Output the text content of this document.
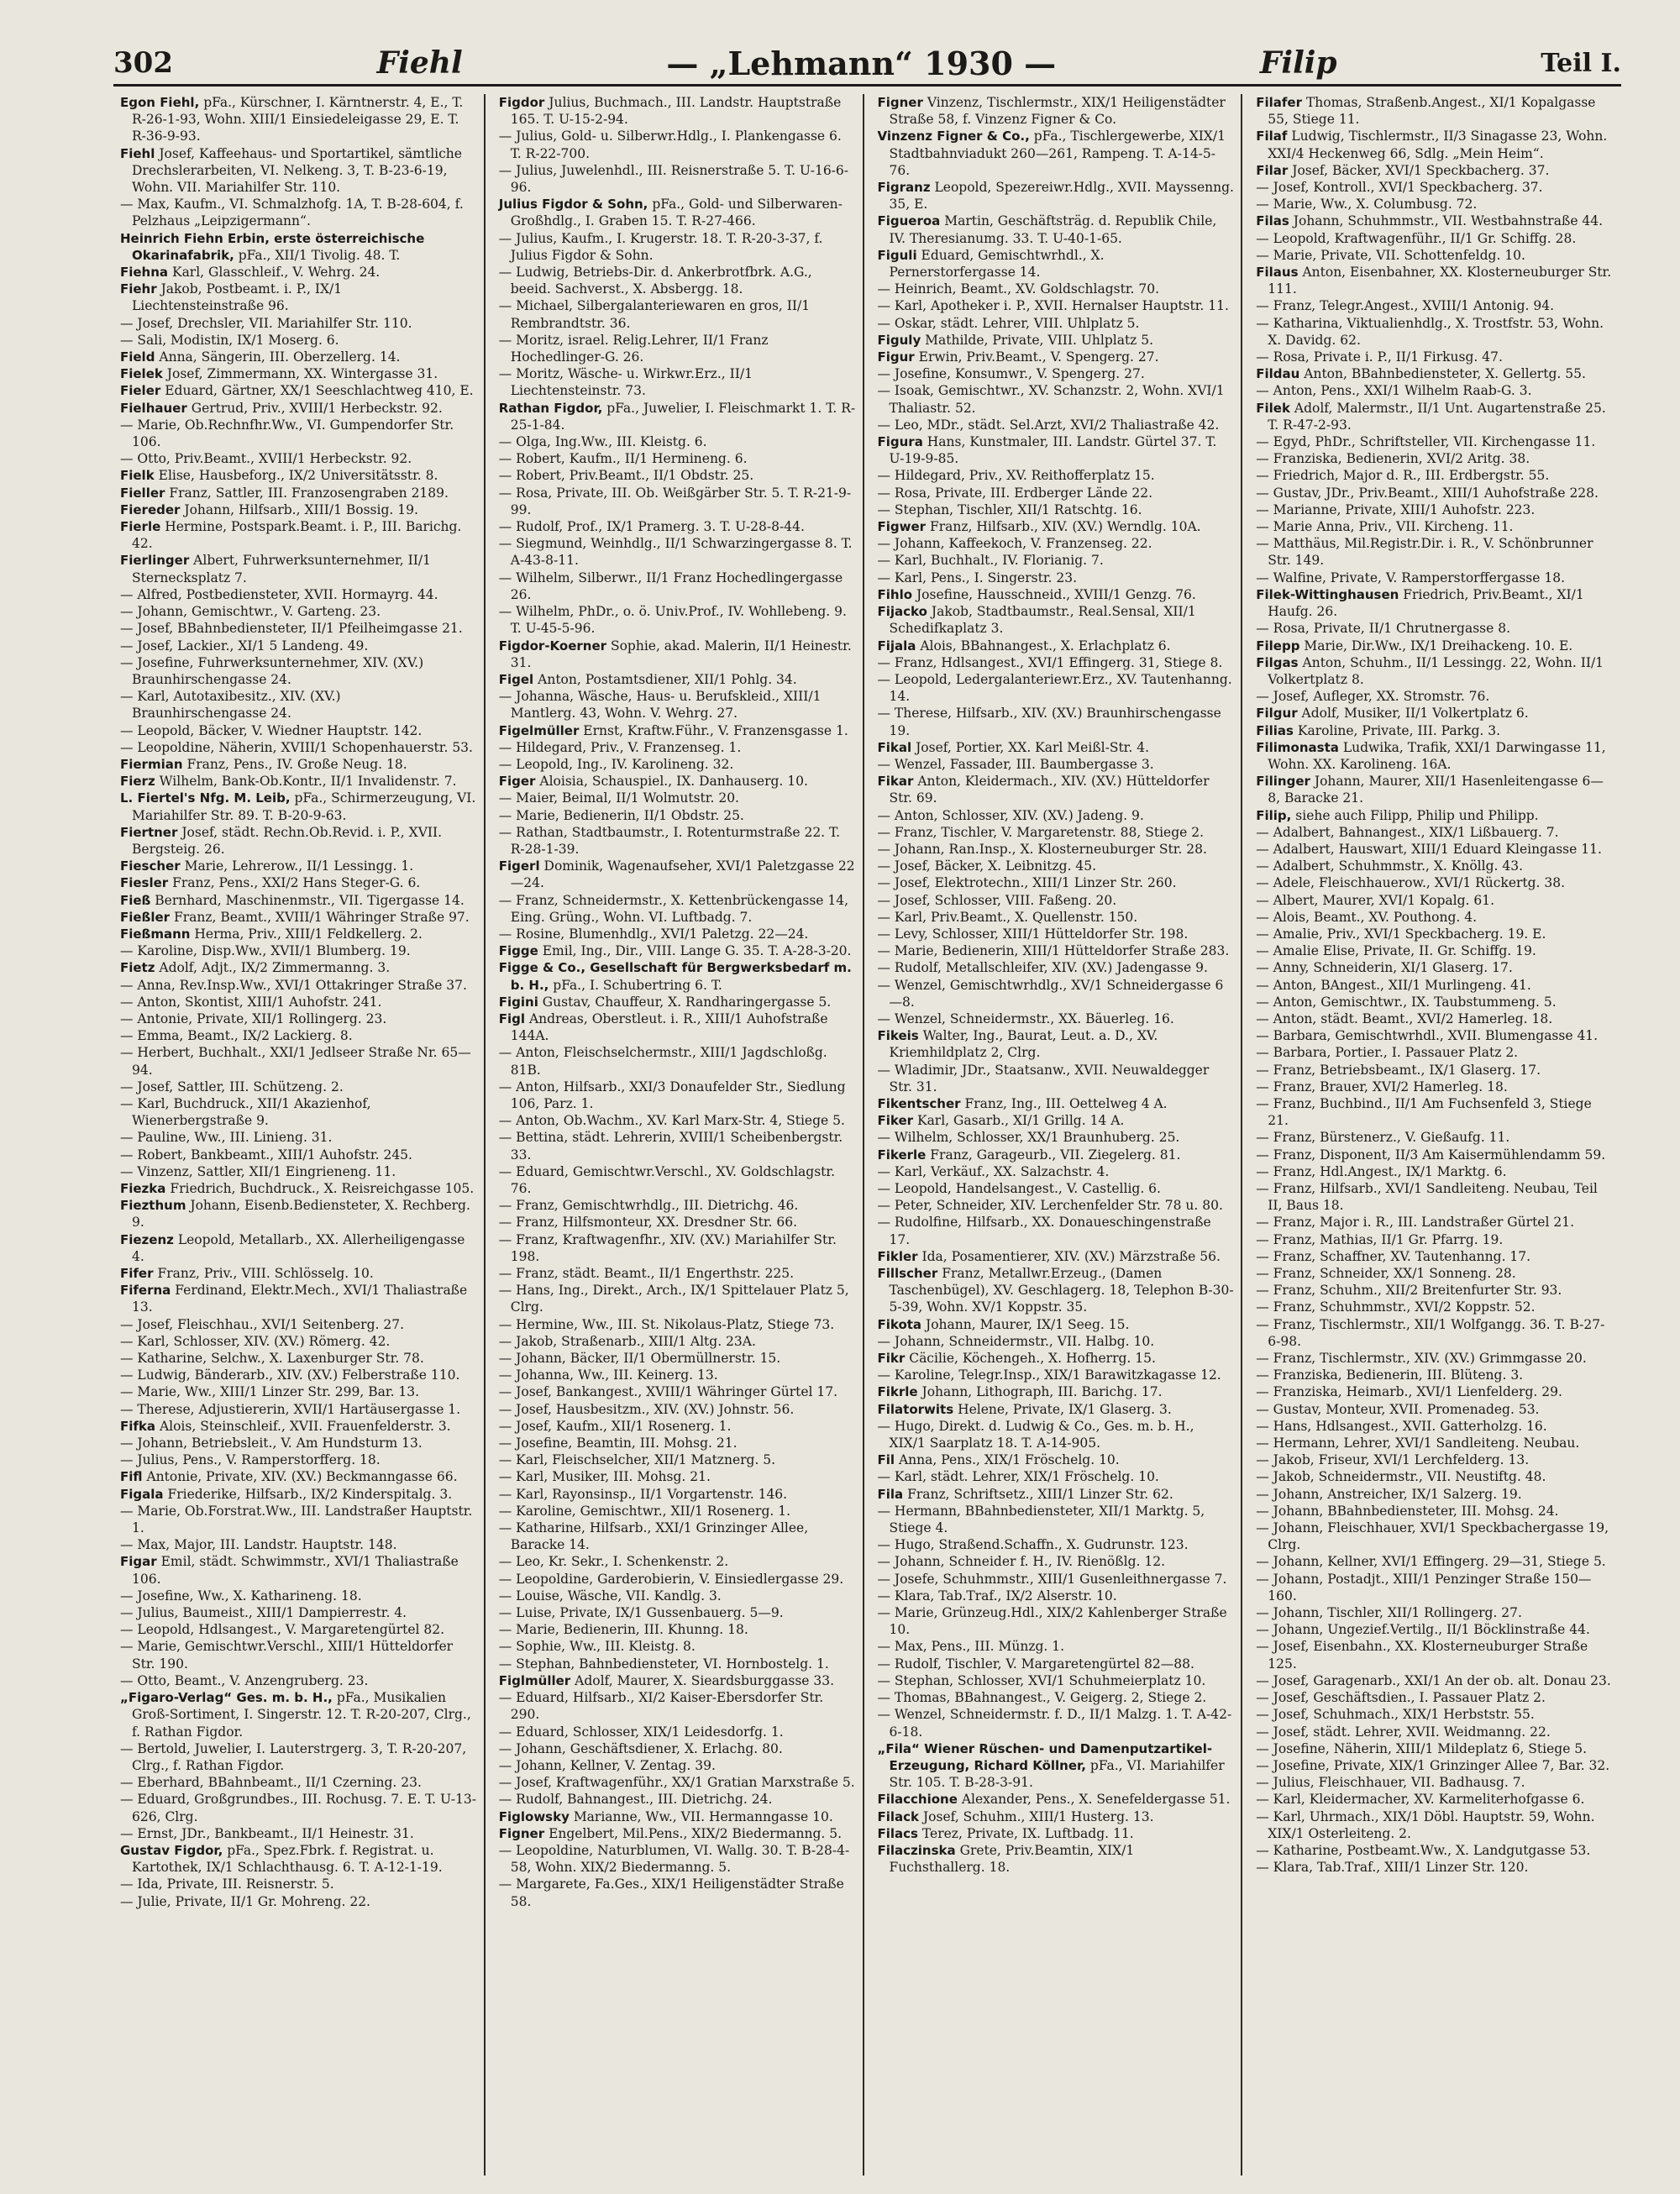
302	Fiehl	— „Lehmann“ 1930 —	Filip	Teil I.

Egon Fiehl, pFa., Kürschner, I. Kärntnerstr. 4, E., T. R-26-1-93, Wohn. XIII/1 Einsiedeleigasse 29, E. T. R-36-9-93.

Fiehl Josef, Kaffeehaus- und Sportartikel, sämtliche Drechslerarbeiten, VI. Nelkeng. 3, T. B-23-6-19, Wohn. VII. Mariahilfer Str. 110.

— Max, Kaufm., VI. Schmalzhofg. 1A, T. B-28-604, f. Pelzhaus „Leipzigermann“.

Heinrich Fiehn Erbin, erste österreichische Okarinafabrik, pFa., XII/1 Tivolig. 48. T.

Fiehna Karl, Glasschleif., V. Wehrg. 24.

Fiehr Jakob, Postbeamt. i. P., IX/1 Liechtensteinstraße 96.

— Josef, Drechsler, VII. Mariahilfer Str. 110.

— Sali, Modistin, IX/1 Moserg. 6.

Field Anna, Sängerin, III. Oberzellerg. 14.

Fielek Josef, Zimmermann, XX. Wintergasse 31.

Fieler Eduard, Gärtner, XX/1 Seeschlachtweg 410, E.

Fielhauer Gertrud, Priv., XVIII/1 Herbeckstr. 92.

— Marie, Ob.Rechnfhr.Ww., VI. Gumpendorfer Str. 106.

— Otto, Priv.Beamt., XVIII/1 Herbeckstr. 92.

Fielk Elise, Hausbeforg., IX/2 Universitätsstr. 8.

Fieller Franz, Sattler, III. Franzosengraben 2189.

Fiereder Johann, Hilfsarb., XIII/1 Bossig. 19.

Fierle Hermine, Postspark.Beamt. i. P., III. Barichg. 42.

Fierlinger Albert, Fuhrwerksunternehmer, II/1 Sternecksplatz 7.

— Alfred, Postbediensteter, XVII. Hormayrg. 44.

— Johann, Gemischtwr., V. Garteng. 23.

— Josef, BBahnbediensteter, II/1 Pfeilheimgasse 21.

— Josef, Lackier., XI/1 5 Landeng. 49.

— Josefine, Fuhrwerksunternehmer, XIV. (XV.) Braunhirschengasse 24.

— Karl, Autotaxibesitz., XIV. (XV.) Braunhirschengasse 24.

— Leopold, Bäcker, V. Wiedner Hauptstr. 142.

— Leopoldine, Näherin, XVIII/1 Schopenhauerstr. 53.

Fiermian Franz, Pens., IV. Große Neug. 18.

Fierz Wilhelm, Bank-Ob.Kontr., II/1 Invalidenstr. 7.

L. Fiertel's Nfg. M. Leib, pFa., Schirmerzeugung, VI. Mariahilfer Str. 89. T. B-20-9-63.

Fiertner Josef, städt. Rechn.Ob.Revid. i. P., XVII. Bergsteig. 26.

Fiescher Marie, Lehrerow., II/1 Lessingg. 1.

Fiesler Franz, Pens., XXI/2 Hans Steger-G. 6.

Fieß Bernhard, Maschinenmstr., VII. Tigergasse 14.

Fießler Franz, Beamt., XVIII/1 Währinger Straße 97.

Fießmann Herma, Priv., XIII/1 Feldkellerg. 2.

— Karoline, Disp.Ww., XVII/1 Blumberg. 19.

Fietz Adolf, Adjt., IX/2 Zimmermanng. 3.

— Anna, Rev.Insp.Ww., XVI/1 Ottakringer Straße 37.

— Anton, Skontist, XIII/1 Auhofstr. 241.

— Antonie, Private, XII/1 Rollingerg. 23.

— Emma, Beamt., IX/2 Lackierg. 8.

— Herbert, Buchhalt., XXI/1 Jedlseer Straße Nr. 65—94.

— Josef, Sattler, III. Schützeng. 2.

— Karl, Buchdruck., XII/1 Akazienhof, Wienerbergstraße 9.

— Pauline, Ww., III. Linieng. 31.

— Robert, Bankbeamt., XIII/1 Auhofstr. 245.

— Vinzenz, Sattler, XII/1 Eingrieneng. 11.

Fiezka Friedrich, Buchdruck., X. Reisreichgasse 105.

Fiezthum Johann, Eisenb.Bediensteter, X. Rechberg. 9.

Fiezenz Leopold, Metallarb., XX. Allerheiligengasse 4.

Fifer Franz, Priv., VIII. Schlösselg. 10.

Fiferna Ferdinand, Elektr.Mech., XVI/1 Thaliastraße 13.

— Josef, Fleischhau., XVI/1 Seitenberg. 27.

— Karl, Schlosser, XIV. (XV.) Römerg. 42.

— Katharine, Selchw., X. Laxenburger Str. 78.

— Ludwig, Bänderarb., XIV. (XV.) Felberstraße 110.

— Marie, Ww., XIII/1 Linzer Str. 299, Bar. 13.

— Therese, Adjustiererin, XVII/1 Hartäusergasse 1.

Fifka Alois, Steinschleif., XVII. Frauenfelderstr. 3.

— Johann, Betriebsleit., V. Am Hundsturm 13.

— Julius, Pens., V. Ramperstorfferg. 18.

Fifl Antonie, Private, XIV. (XV.) Beckmanngasse 66.

Figala Friederike, Hilfsarb., IX/2 Kinderspitalg. 3.

— Marie, Ob.Forstrat.Ww., III. Landstraßer Hauptstr. 1.

— Max, Major, III. Landstr. Hauptstr. 148.

Figar Emil, städt. Schwimmstr., XVI/1 Thaliastraße 106.

— Josefine, Ww., X. Katharineng. 18.

— Julius, Baumeist., XIII/1 Dampierrestr. 4.

— Leopold, Hdlsangest., V. Margaretengürtel 82.

— Marie, Gemischtwr.Verschl., XIII/1 Hütteldorfer Str. 190.

— Otto, Beamt., V. Anzengruberg. 23.

„Figaro-Verlag“ Ges. m. b. H., pFa., Musikalien Groß-Sortiment, I. Singerstr. 12. T. R-20-207, Clrg., f. Rathan Figdor.

— Bertold, Juwelier, I. Lauterstrgerg. 3, T. R-20-207, Clrg., f. Rathan Figdor.

— Eberhard, BBahnbeamt., II/1 Czerning. 23.

— Eduard, Großgrundbes., III. Rochusg. 7. E. T. U-13-626, Clrg.

— Ernst, JDr., Bankbeamt., II/1 Heinestr. 31.

Gustav Figdor, pFa., Spez.Fbrk. f. Registrat. u. Kartothek, IX/1 Schlachthausg. 6. T. A-12-1-19.

— Ida, Private, III. Reisnerstr. 5.

— Julie, Private, II/1 Gr. Mohreng. 22.

Figdor Julius, Buchmach., III. Landstr. Hauptstraße 165. T. U-15-2-94.

— Julius, Gold- u. Silberwr.Hdlg., I. Plankengasse 6. T. R-22-700.

— Julius, Juwelenhdl., III. Reisnerstraße 5. T. U-16-6-96.

Julius Figdor & Sohn, pFa., Gold- und Silberwaren-Großhdlg., I. Graben 15. T. R-27-466.

— Julius, Kaufm., I. Krugerstr. 18. T. R-20-3-37, f. Julius Figdor & Sohn.

— Ludwig, Betriebs-Dir. d. Ankerbrotfbrk. A.G., beeid. Sachverst., X. Absbergg. 18.

— Michael, Silbergalanteriewaren en gros, II/1 Rembrandtstr. 36.

— Moritz, israel. Relig.Lehrer, II/1 Franz Hochedlinger-G. 26.

— Moritz, Wäsche- u. Wirkwr.Erz., II/1 Liechtensteinstr. 73.

Rathan Figdor, pFa., Juwelier, I. Fleischmarkt 1. T. R-25-1-84.

— Olga, Ing.Ww., III. Kleistg. 6.

— Robert, Kaufm., II/1 Hermineng. 6.

— Robert, Priv.Beamt., II/1 Obdstr. 25.

— Rosa, Private, III. Ob. Weißgärber Str. 5. T. R-21-9-99.

— Rudolf, Prof., IX/1 Pramerg. 3. T. U-28-8-44.

— Siegmund, Weinhdlg., II/1 Schwarzingergasse 8. T. A-43-8-11.

— Wilhelm, Silberwr., II/1 Franz Hochedlingergasse 26.

— Wilhelm, PhDr., o. ö. Univ.Prof., IV. Wohllebeng. 9. T. U-45-5-96.

Figdor-Koerner Sophie, akad. Malerin, II/1 Heinestr. 31.

Figel Anton, Postamtsdiener, XII/1 Pohlg. 34.

— Johanna, Wäsche, Haus- u. Berufskleid., XIII/1 Mantlerg. 43, Wohn. V. Wehrg. 27.

Figelmüller Ernst, Kraftw.Führ., V. Franzensgasse 1.

— Hildegard, Priv., V. Franzenseg. 1.

— Leopold, Ing., IV. Karolineng. 32.

Figer Aloisia, Schauspiel., IX. Danhauserg. 10.

— Maier, Beimal, II/1 Wolmutstr. 20.

— Marie, Bedienerin, II/1 Obdstr. 25.

— Rathan, Stadtbaumstr., I. Rotenturmstraße 22. T. R-28-1-39.

Figerl Dominik, Wagenaufseher, XVI/1 Paletzgasse 22—24.

— Franz, Schneidermstr., X. Kettenbrückengasse 14, Eing. Grüng., Wohn. VI. Luftbadg. 7.

— Rosine, Blumenhdlg., XVI/1 Paletzg. 22—24.

Figge Emil, Ing., Dir., VIII. Lange G. 35. T. A-28-3-20.

Figge & Co., Gesellschaft für Bergwerksbedarf m. b. H., pFa., I. Schubertring 6. T.

Figini Gustav, Chauffeur, X. Randharingergasse 5.

Figl Andreas, Oberstleut. i. R., XIII/1 Auhofstraße 144A.

— Anton, Fleischselchermstr., XIII/1 Jagdschloßg. 81B.

— Anton, Hilfsarb., XXI/3 Donaufelder Str., Siedlung 106, Parz. 1.

— Anton, Ob.Wachm., XV. Karl Marx-Str. 4, Stiege 5.

— Bettina, städt. Lehrerin, XVIII/1 Scheibenbergstr. 33.

— Eduard, Gemischtwr.Verschl., XV. Goldschlagstr. 76.

— Franz, Gemischtwrhdlg., III. Dietrichg. 46.

— Franz, Hilfsmonteur, XX. Dresdner Str. 66.

— Franz, Kraftwagenfhr., XIV. (XV.) Mariahilfer Str. 198.

— Franz, städt. Beamt., II/1 Engerthstr. 225.

— Hans, Ing., Direkt., Arch., IX/1 Spittelauer Platz 5, Clrg.

— Hermine, Ww., III. St. Nikolaus-Platz, Stiege 73.

— Jakob, Straßenarb., XIII/1 Altg. 23A.

— Johann, Bäcker, II/1 Obermüllnerstr. 15.

— Johanna, Ww., III. Keinerg. 13.

— Josef, Bankangest., XVIII/1 Währinger Gürtel 17.

— Josef, Hausbesitzm., XIV. (XV.) Johnstr. 56.

— Josef, Kaufm., XII/1 Rosenerg. 1.

— Josefine, Beamtin, III. Mohsg. 21.

— Karl, Fleischselcher, XII/1 Matznerg. 5.

— Karl, Musiker, III. Mohsg. 21.

— Karl, Rayonsinsp., II/1 Vorgartenstr. 146.

— Karoline, Gemischtwr., XII/1 Rosenerg. 1.

— Katharine, Hilfsarb., XXI/1 Grinzinger Allee, Baracke 14.

— Leo, Kr. Sekr., I. Schenkenstr. 2.

— Leopoldine, Garderobierin, V. Einsiedlergasse 29.

— Louise, Wäsche, VII. Kandlg. 3.

— Luise, Private, IX/1 Gussenbauerg. 5—9.

— Marie, Bedienerin, III. Khunng. 18.

— Sophie, Ww., III. Kleistg. 8.

— Stephan, Bahnbediensteter, VI. Hornbostelg. 1.

Figlmüller Adolf, Maurer, X. Sieardsburggasse 33.

— Eduard, Hilfsarb., XI/2 Kaiser-Ebersdorfer Str. 290.

— Eduard, Schlosser, XIX/1 Leidesdorfg. 1.

— Johann, Geschäftsdiener, X. Erlachg. 80.

— Johann, Kellner, V. Zentag. 39.

— Josef, Kraftwagenführ., XX/1 Gratian Marxstraße 5.

— Rudolf, Bahnangest., III. Dietrichg. 24.

Figlowsky Marianne, Ww., VII. Hermanngasse 10.

Figner Engelbert, Mil.Pens., XIX/2 Biedermanng. 5.

— Leopoldine, Naturblumen, VI. Wallg. 30. T. B-28-4-58, Wohn. XIX/2 Biedermanng. 5.

— Margarete, Fa.Ges., XIX/1 Heiligenstädter Straße 58.

Figner Vinzenz, Tischlermstr., XIX/1 Heiligenstädter Straße 58, f. Vinzenz Figner & Co.

Vinzenz Figner & Co., pFa., Tischlergewerbe, XIX/1 Stadtbahnviadukt 260—261, Rampeng. T. A-14-5-76.

Figranz Leopold, Spezereiwr.Hdlg., XVII. Mayssenng. 35, E.

Figueroa Martin, Geschäftsträg. d. Republik Chile, IV. Theresianumg. 33. T. U-40-1-65.

Figuli Eduard, Gemischtwrhdl., X. Pernerstorfergasse 14.

— Heinrich, Beamt., XV. Goldschlagstr. 70.

— Karl, Apotheker i. P., XVII. Hernalser Hauptstr. 11.

— Oskar, städt. Lehrer, VIII. Uhlplatz 5.

Figuly Mathilde, Private, VIII. Uhlplatz 5.

Figur Erwin, Priv.Beamt., V. Spengerg. 27.

— Josefine, Konsumwr., V. Spengerg. 27.

— Isoak, Gemischtwr., XV. Schanzstr. 2, Wohn. XVI/1 Thaliastr. 52.

— Leo, MDr., städt. Sel.Arzt, XVI/2 Thaliastraße 42.

Figura Hans, Kunstmaler, III. Landstr. Gürtel 37. T. U-19-9-85.

— Hildegard, Priv., XV. Reithofferplatz 15.

— Rosa, Private, III. Erdberger Lände 22.

— Stephan, Tischler, XII/1 Ratschtg. 16.

Figwer Franz, Hilfsarb., XIV. (XV.) Werndlg. 10A.

— Johann, Kaffeekoch, V. Franzenseg. 22.

— Karl, Buchhalt., IV. Florianig. 7.

— Karl, Pens., I. Singerstr. 23.

Fihlo Josefine, Hausschneid., XVIII/1 Genzg. 76.

Fijacko Jakob, Stadtbaumstr., Real.Sensal, XII/1 Schedifkaplatz 3.

Fijala Alois, BBahnangest., X. Erlachplatz 6.

— Franz, Hdlsangest., XVI/1 Effingerg. 31, Stiege 8.

— Leopold, Ledergalanteriewr.Erz., XV. Tautenhanng. 14.

— Therese, Hilfsarb., XIV. (XV.) Braunhirschengasse 19.

Fikal Josef, Portier, XX. Karl Meißl-Str. 4.

— Wenzel, Fassader, III. Baumbergasse 3.

Fikar Anton, Kleidermach., XIV. (XV.) Hütteldorfer Str. 69.

— Anton, Schlosser, XIV. (XV.) Jadeng. 9.

— Franz, Tischler, V. Margaretenstr. 88, Stiege 2.

— Johann, Ran.Insp., X. Klosterneuburger Str. 28.

— Josef, Bäcker, X. Leibnitzg. 45.

— Josef, Elektrotechn., XIII/1 Linzer Str. 260.

— Josef, Schlosser, VIII. Faßeng. 20.

— Karl, Priv.Beamt., X. Quellenstr. 150.

— Levy, Schlosser, XIII/1 Hütteldorfer Str. 198.

— Marie, Bedienerin, XIII/1 Hütteldorfer Straße 283.

— Rudolf, Metallschleifer, XIV. (XV.) Jadengasse 9.

— Wenzel, Gemischtwrhdlg., XV/1 Schneidergasse 6—8.

— Wenzel, Schneidermstr., XX. Bäuerleg. 16.

Fikeis Walter, Ing., Baurat, Leut. a. D., XV. Kriemhildplatz 2, Clrg.

— Wladimir, JDr., Staatsanw., XVII. Neuwaldegger Str. 31.

Fikentscher Franz, Ing., III. Oettelweg 4 A.

Fiker Karl, Gasarb., XI/1 Grillg. 14 A.

— Wilhelm, Schlosser, XX/1 Braunhuberg. 25.

Fikerle Franz, Garageurb., VII. Ziegelerg. 81.

— Karl, Verkäuf., XX. Salzachstr. 4.

— Leopold, Handelsangest., V. Castellig. 6.

— Peter, Schneider, XIV. Lerchenfelder Str. 78 u. 80.

— Rudolfine, Hilfsarb., XX. Donaueschingenstraße 17.

Fikler Ida, Posamentierer, XIV. (XV.) Märzstraße 56.

Fillscher Franz, Metallwr.Erzeug., (Damen Taschenbügel), XV. Geschlagerg. 18, Telephon B-30-5-39, Wohn. XV/1 Koppstr. 35.

Fikota Johann, Maurer, IX/1 Seeg. 15.

— Johann, Schneidermstr., VII. Halbg. 10.

Fikr Cäcilie, Köchengeh., X. Hofherrg. 15.

— Karoline, Telegr.Insp., XIX/1 Barawitzkagasse 12.

Fikrle Johann, Lithograph, III. Barichg. 17.

Filatorwits Helene, Private, IX/1 Glaserg. 3.

— Hugo, Direkt. d. Ludwig & Co., Ges. m. b. H., XIX/1 Saarplatz 18. T. A-14-905.

Fil Anna, Pens., XIX/1 Fröschelg. 10.

— Karl, städt. Lehrer, XIX/1 Fröschelg. 10.

Fila Franz, Schriftsetz., XIII/1 Linzer Str. 62.

— Hermann, BBahnbediensteter, XII/1 Marktg. 5, Stiege 4.

— Hugo, Straßend.Schaffn., X. Gudrunstr. 123.

— Johann, Schneider f. H., IV. Rienößlg. 12.

— Josefe, Schuhmmstr., XIII/1 Gusenleithnergasse 7.

— Klara, Tab.Traf., IX/2 Alserstr. 10.

— Marie, Grünzeug.Hdl., XIX/2 Kahlenberger Straße 10.

— Max, Pens., III. Münzg. 1.

— Rudolf, Tischler, V. Margaretengürtel 82—88.

— Stephan, Schlosser, XVI/1 Schuhmeierplatz 10.

— Thomas, BBahnangest., V. Geigerg. 2, Stiege 2.

— Wenzel, Schneidermstr. f. D., II/1 Malzg. 1. T. A-42-6-18.

„Fila“ Wiener Rüschen- und Damenputzartikel-Erzeugung, Richard Köllner, pFa., VI. Mariahilfer Str. 105. T. B-28-3-91.

Filacchione Alexander, Pens., X. Senefeldergasse 51.

Filack Josef, Schuhm., XIII/1 Husterg. 13.

Filacs Terez, Private, IX. Luftbadg. 11.

Filaczinska Grete, Priv.Beamtin, XIX/1 Fuchsthallerg. 18.

Filafer Thomas, Straßenb.Angest., XI/1 Kopalgasse 55, Stiege 11.

Filaf Ludwig, Tischlermstr., II/3 Sinagasse 23, Wohn. XXI/4 Heckenweg 66, Sdlg. „Mein Heim“.

Filar Josef, Bäcker, XVI/1 Speckbacherg. 37.

— Josef, Kontroll., XVI/1 Speckbacherg. 37.

— Marie, Ww., X. Columbusg. 72.

Filas Johann, Schuhmmstr., VII. Westbahnstraße 44.

— Leopold, Kraftwagenführ., II/1 Gr. Schiffg. 28.

— Marie, Private, VII. Schottenfeldg. 10.

Filaus Anton, Eisenbahner, XX. Klosterneuburger Str. 111.

— Franz, Telegr.Angest., XVIII/1 Antonig. 94.

— Katharina, Viktualienhdlg., X. Trostfstr. 53, Wohn. X. Davidg. 62.

— Rosa, Private i. P., II/1 Firkusg. 47.

Fildau Anton, BBahnbediensteter, X. Gellertg. 55.

— Anton, Pens., XXI/1 Wilhelm Raab-G. 3.

Filek Adolf, Malermstr., II/1 Unt. Augartenstraße 25. T. R-47-2-93.

— Egyd, PhDr., Schriftsteller, VII. Kirchengasse 11.

— Franziska, Bedienerin, XVI/2 Aritg. 38.

— Friedrich, Major d. R., III. Erdbergstr. 55.

— Gustav, JDr., Priv.Beamt., XIII/1 Auhofstraße 228.

— Marianne, Private, XIII/1 Auhofstr. 223.

— Marie Anna, Priv., VII. Kircheng. 11.

— Matthäus, Mil.Registr.Dir. i. R., V. Schönbrunner Str. 149.

— Walfine, Private, V. Ramperstorffergasse 18.

Filek-Wittinghausen Friedrich, Priv.Beamt., XI/1 Haufg. 26.

— Rosa, Private, II/1 Chrutnergasse 8.

Filepp Marie, Dir.Ww., IX/1 Dreihackeng. 10. E.

Filgas Anton, Schuhm., II/1 Lessingg. 22, Wohn. II/1 Volkertplatz 8.

— Josef, Aufleger, XX. Stromstr. 76.

Filgur Adolf, Musiker, II/1 Volkertplatz 6.

Filias Karoline, Private, III. Parkg. 3.

Filimonasta Ludwika, Trafik, XXI/1 Darwingasse 11, Wohn. XX. Karolineng. 16A.

Filinger Johann, Maurer, XII/1 Hasenleitengasse 6—8, Baracke 21.

Filip, siehe auch Filipp, Philip und Philipp.

— Adalbert, Bahnangest., XIX/1 Lißbauerg. 7.

— Adalbert, Hauswart, XIII/1 Eduard Kleingasse 11.

— Adalbert, Schuhmmstr., X. Knöllg. 43.

— Adele, Fleischhauerow., XVI/1 Rückertg. 38.

— Albert, Maurer, XVI/1 Kopalg. 61.

— Alois, Beamt., XV. Pouthong. 4.

— Amalie, Priv., XVI/1 Speckbacherg. 19. E.

— Amalie Elise, Private, II. Gr. Schiffg. 19.

— Anny, Schneiderin, XI/1 Glaserg. 17.

— Anton, BAngest., XII/1 Murlingeng. 41.

— Anton, Gemischtwr., IX. Taubstummeng. 5.

— Anton, städt. Beamt., XVI/2 Hamerleg. 18.

— Barbara, Gemischtwrhdl., XVII. Blumengasse 41.

— Barbara, Portier., I. Passauer Platz 2.

— Franz, Betriebsbeamt., IX/1 Glaserg. 17.

— Franz, Brauer, XVI/2 Hamerleg. 18.

— Franz, Buchbind., II/1 Am Fuchsenfeld 3, Stiege 21.

— Franz, Bürstenerz., V. Gießaufg. 11.

— Franz, Disponent, II/3 Am Kaisermühlendamm 59.

— Franz, Hdl.Angest., IX/1 Marktg. 6.

— Franz, Hilfsarb., XVI/1 Sandleiteng. Neubau, Teil II, Baus 18.

— Franz, Major i. R., III. Landstraßer Gürtel 21.

— Franz, Mathias, II/1 Gr. Pfarrg. 19.

— Franz, Schaffner, XV. Tautenhanng. 17.

— Franz, Schneider, XX/1 Sonneng. 28.

— Franz, Schuhm., XII/2 Breitenfurter Str. 93.

— Franz, Schuhmmstr., XVI/2 Koppstr. 52.

— Franz, Tischlermstr., XII/1 Wolfgangg. 36. T. B-27-6-98.

— Franz, Tischlermstr., XIV. (XV.) Grimmgasse 20.

— Franziska, Bedienerin, III. Blüteng. 3.

— Franziska, Heimarb., XVI/1 Lienfelderg. 29.

— Gustav, Monteur, XVII. Promenadeg. 53.

— Hans, Hdlsangest., XVII. Gatterholzg. 16.

— Hermann, Lehrer, XVI/1 Sandleiteng. Neubau.

— Jakob, Friseur, XVI/1 Lerchfelderg. 13.

— Jakob, Schneidermstr., VII. Neustiftg. 48.

— Johann, Anstreicher, IX/1 Salzerg. 19.

— Johann, BBahnbediensteter, III. Mohsg. 24.

— Johann, Fleischhauer, XVI/1 Speckbachergasse 19, Clrg.

— Johann, Kellner, XVI/1 Effingerg. 29—31, Stiege 5.

— Johann, Postadjt., XIII/1 Penzinger Straße 150—160.

— Johann, Tischler, XII/1 Rollingerg. 27.

— Johann, Ungezief.Vertilg., II/1 Böcklinstraße 44.

— Josef, Eisenbahn., XX. Klosterneuburger Straße 125.

— Josef, Garagenarb., XXI/1 An der ob. alt. Donau 23.

— Josef, Geschäftsdien., I. Passauer Platz 2.

— Josef, Schuhmach., XIX/1 Herbststr. 55.

— Josef, städt. Lehrer, XVII. Weidmanng. 22.

— Josefine, Näherin, XIII/1 Mildeplatz 6, Stiege 5.

— Josefine, Private, XIX/1 Grinzinger Allee 7, Bar. 32.

— Julius, Fleischhauer, VII. Badhausg. 7.

— Karl, Kleidermacher, XV. Karmeliterhofgasse 6.

— Karl, Uhrmach., XIX/1 Döbl. Hauptstr. 59, Wohn. XIX/1 Osterleiteng. 2.

— Katharine, Postbeamt.Ww., X. Landgutgasse 53.

— Klara, Tab.Traf., XIII/1 Linzer Str. 120.
